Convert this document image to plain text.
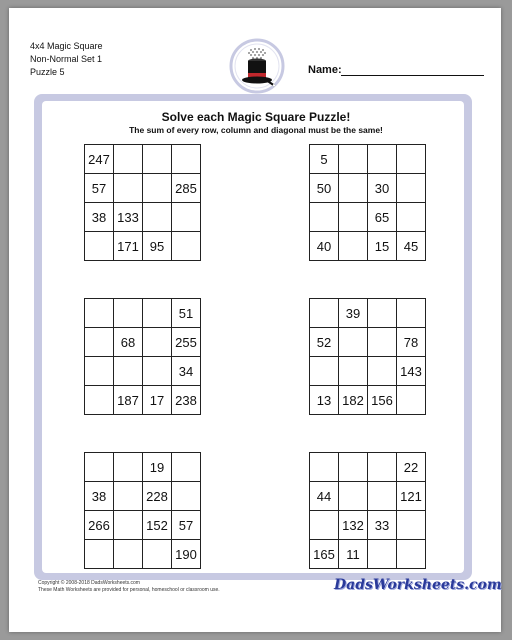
4x4 Magic Square
Non-Normal Set 1
Puzzle 5	Name:
Solve each Magic Square Puzzle!
The sum of every row, column and diagonal must be the same!
247			
57			285
38	133		
	171	95	
5			
50		30	
		65	
40		15	45
			51
	68		255
			34
	187	17	238
	39		
52			78
			143
13	182	156	
		19	
38		228	
266		152	57
			190
			22
44			121
	132	33	
165	11		
Copyright © 2008-2018 DadsWorksheets.com
These Math Worksheets are provided for personal, homeschool or classroom use.	DadsWorksheets.com
